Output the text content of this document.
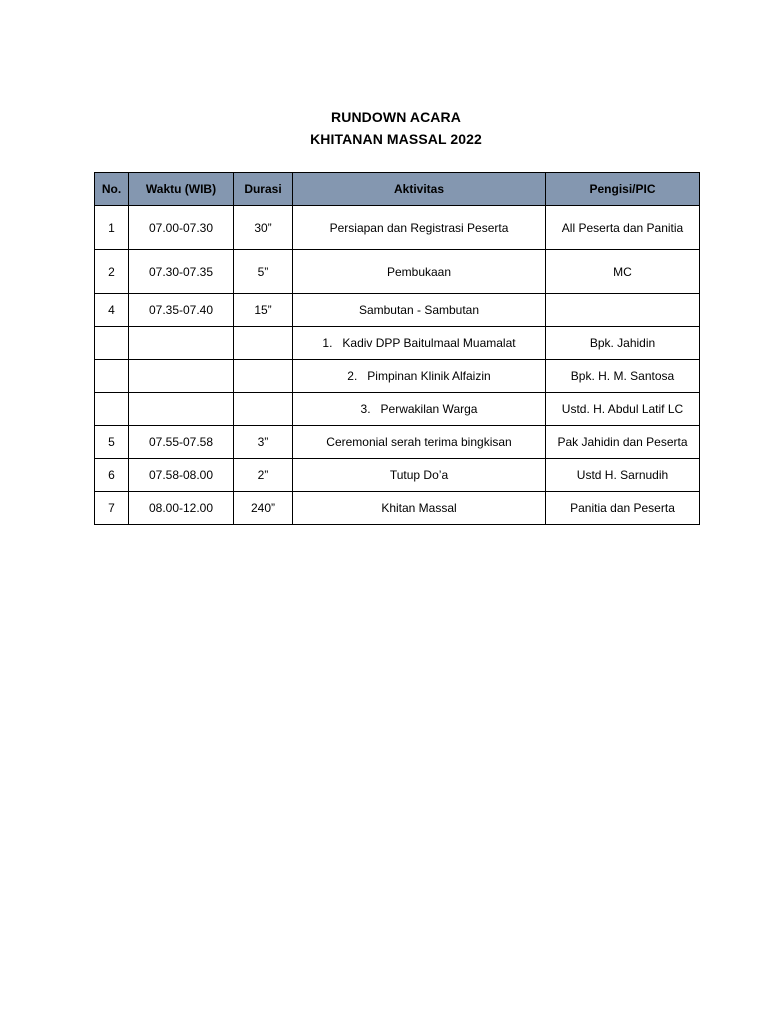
RUNDOWN ACARA
KHITANAN MASSAL 2022
No.	Waktu (WIB)	Durasi	Aktivitas	Pengisi/PIC
1	07.00-07.30	30”	Persiapan dan Registrasi Peserta	All Peserta dan Panitia
2	07.30-07.35	5”	Pembukaan	MC
4	07.35-07.40	15”	Sambutan - Sambutan	
			1. Kadiv DPP Baitulmaal Muamalat	Bpk. Jahidin
			2. Pimpinan Klinik Alfaizin	Bpk. H. M. Santosa
			3. Perwakilan Warga	Ustd. H. Abdul Latif LC
5	07.55-07.58	3”	Ceremonial serah terima bingkisan	Pak Jahidin dan Peserta
6	07.58-08.00	2”	Tutup Do’a	Ustd H. Sarnudih
7	08.00-12.00	240”	Khitan Massal	Panitia dan Peserta
